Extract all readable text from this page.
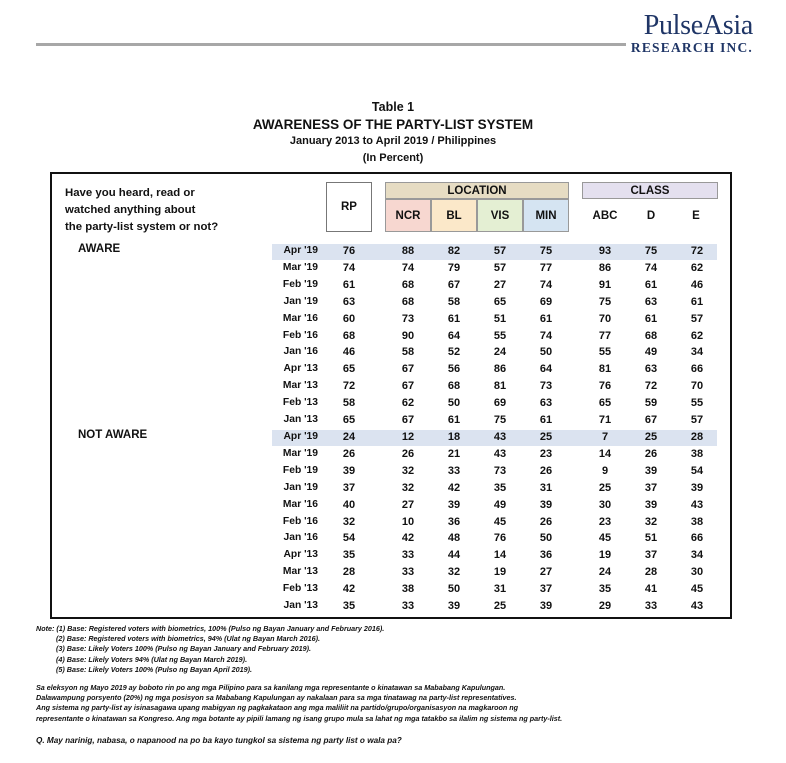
PulseAsia
RESEARCH INC.
Table 1
AWARENESS OF THE PARTY-LIST SYSTEM
January 2013 to April 2019 / Philippines
(In Percent)
Have you heard, read or
watched anything about
the party-list system or not?
RP
LOCATION
NCR	BL	VIS	MIN
CLASS
ABC	D	E
AWARE
NOT AWARE
Apr '19	76	88	82	57	75	93	75	72
Mar '19	74	74	79	57	77	86	74	62
Feb '19	61	68	67	27	74	91	61	46
Jan '19	63	68	58	65	69	75	63	61
Mar '16	60	73	61	51	61	70	61	57
Feb '16	68	90	64	55	74	77	68	62
Jan '16	46	58	52	24	50	55	49	34
Apr '13	65	67	56	86	64	81	63	66
Mar '13	72	67	68	81	73	76	72	70
Feb '13	58	62	50	69	63	65	59	55
Jan '13	65	67	61	75	61	71	67	57
Apr '19	24	12	18	43	25	7	25	28
Mar '19	26	26	21	43	23	14	26	38
Feb '19	39	32	33	73	26	9	39	54
Jan '19	37	32	42	35	31	25	37	39
Mar '16	40	27	39	49	39	30	39	43
Feb '16	32	10	36	45	26	23	32	38
Jan '16	54	42	48	76	50	45	51	66
Apr '13	35	33	44	14	36	19	37	34
Mar '13	28	33	32	19	27	24	28	30
Feb '13	42	38	50	31	37	35	41	45
Jan '13	35	33	39	25	39	29	33	43
Note: (1) Base: Registered voters with biometrics, 100% (Pulso ng Bayan January and February 2016).
(2) Base: Registered voters with biometrics, 94% (Ulat ng Bayan March 2016).
(3) Base: Likely Voters 100% (Pulso ng Bayan January and February 2019).
(4) Base: Likely Voters 94% (Ulat ng Bayan March 2019).
(5) Base: Likely Voters 100% (Pulso ng Bayan April 2019).
Sa eleksyon ng Mayo 2019 ay boboto rin po ang mga Pilipino para sa kanilang mga representante o kinatawan sa Mababang Kapulungan.
Dalawampung porsyento (20%) ng mga posisyon sa Mababang Kapulungan ay nakalaan para sa mga tinatawag na party-list representatives.
Ang sistema ng party-list ay isinasagawa upang mabigyan ng pagkakataon ang mga maliliit na partido/grupo/organisasyon na magkaroon ng
representante o kinatawan sa Kongreso. Ang mga botante ay pipili lamang ng isang grupo mula sa lahat ng mga tatakbo sa ilalim ng sistema ng party-list.
Q. May narinig, nabasa, o napanood na po ba kayo tungkol sa sistema ng party list o wala pa?
